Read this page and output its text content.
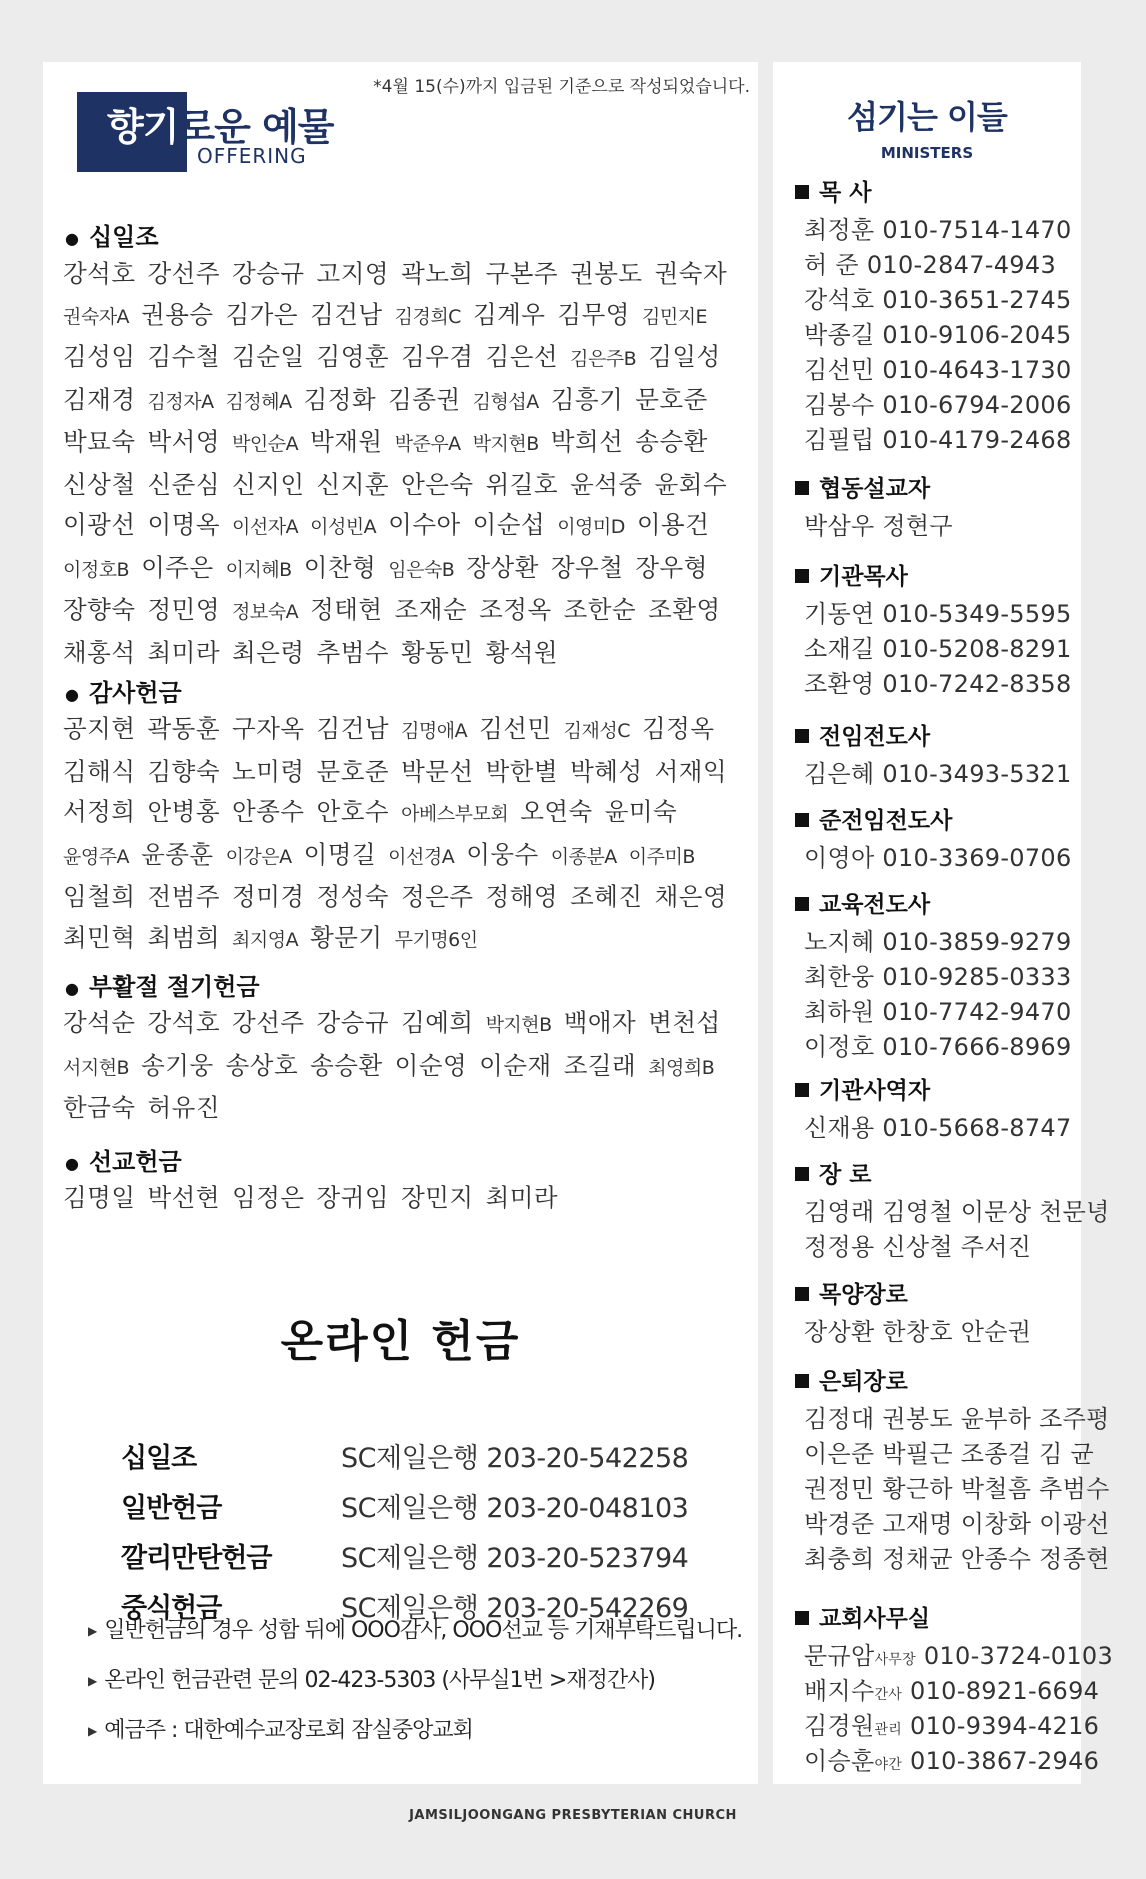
*4월 15(수)까지 입금된 기준으로 작성되었습니다.
향기로운 예물
OFFERING
● 십일조
강석호 강선주 강승규 고지영 곽노희 구본주 권봉도 권숙자권숙자A 권용승 김가은 김건남 김경희C 김계우 김무영 김민지E김성임 김수철 김순일 김영훈 김우겸 김은선 김은주B 김일성김재경 김정자A 김정혜A 김정화 김종권 김형섭A 김흥기 문호준박묘숙 박서영 박인순A 박재원 박준우A 박지현B 박희선 송승환신상철 신준심 신지인 신지훈 안은숙 위길호 윤석중 윤회수이광선 이명옥 이선자A 이성빈A 이수아 이순섭 이영미D 이용건이정호B 이주은 이지혜B 이찬형 임은숙B 장상환 장우철 장우형장향숙 정민영 정보숙A 정태현 조재순 조정옥 조한순 조환영채홍석 최미라 최은령 추범수 황동민 황석원
● 감사헌금
공지현 곽동훈 구자옥 김건남 김명애A 김선민 김재성C 김정옥김해식 김향숙 노미령 문호준 박문선 박한별 박혜성 서재익서정희 안병홍 안종수 안호수 아베스부모회 오연숙 윤미숙윤영주A 윤종훈 이강은A 이명길 이선경A 이웅수 이종분A 이주미B임철희 전범주 정미경 정성숙 정은주 정해영 조혜진 채은영최민혁 최범희 최지영A 황문기 무기명6인
● 부활절 절기헌금
강석순 강석호 강선주 강승규 김예희 박지현B 백애자 변천섭서지현B 송기웅 송상호 송승환 이순영 이순재 조길래 최영희B한금숙 허유진
● 선교헌금
김명일 박선현 임정은 장귀임 장민지 최미라
온라인 헌금
십일조	SC제일은행 203-20-542258
일반헌금	SC제일은행 203-20-048103
깔리만탄헌금	SC제일은행 203-20-523794
중식헌금	SC제일은행 203-20-542269
▶ 일반헌금의 경우 성함 뒤에 OOO감사, OOO선교 등 기재부탁드립니다.
▶ 온라인 헌금관련 문의 02-423-5303 (사무실1번 >재정간사)
▶ 예금주 : 대한예수교장로회 잠실중앙교회
섬기는 이들
MINISTERS
목 사
최정훈 010-7514-1470
허 준 010-2847-4943
강석호 010-3651-2745
박종길 010-9106-2045
김선민 010-4643-1730
김봉수 010-6794-2006
김필립 010-4179-2468
협동설교자
박삼우 정현구
기관목사
기동연 010-5349-5595
소재길 010-5208-8291
조환영 010-7242-8358
전임전도사
김은혜 010-3493-5321
준전임전도사
이영아 010-3369-0706
교육전도사
노지혜 010-3859-9279
최한웅 010-9285-0333
최하원 010-7742-9470
이정호 010-7666-8969
기관사역자
신재용 010-5668-8747
장 로
김영래 김영철 이문상 천문녕
정정용 신상철 주서진
목양장로
장상환 한창호 안순권
은퇴장로
김정대 권봉도 윤부하 조주평
이은준 박필근 조종걸 김 균
권정민 황근하 박철흠 추범수
박경준 고재명 이창화 이광선
최충희 정채균 안종수 정종현
교회사무실
문규암사무장 010-3724-0103
배지수간사 010-8921-6694
김경원관리 010-9394-4216
이승훈야간 010-3867-2946
JAMSILJOONGANG PRESBYTERIAN CHURCH
